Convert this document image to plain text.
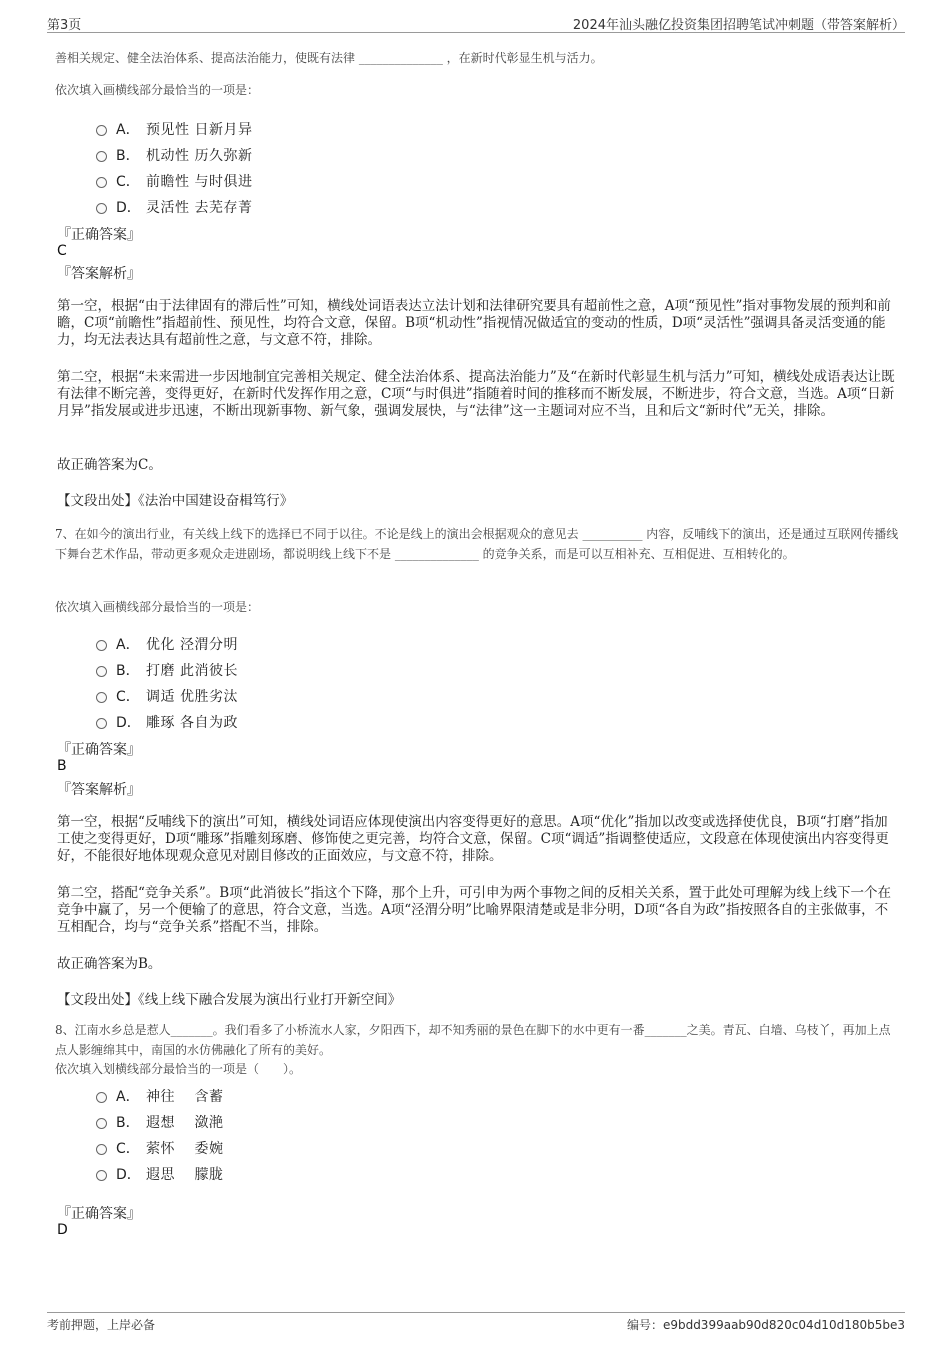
第3页	2024年汕头融亿投资集团招聘笔试冲刺题（带答案解析）
善相关规定、健全法治体系、提高法治能力，使既有法律 ______________ ，在新时代彰显生机与活力。
依次填入画横线部分最恰当的一项是：
A． 预见性 日新月异
B． 机动性 历久弥新
C． 前瞻性 与时俱进
D． 灵活性 去芜存菁
『正确答案』
C
『答案解析』
第一空，根据“由于法律固有的滞后性”可知，横线处词语表达立法计划和法律研究要具有超前性之意，A项“预见性”指对事物发展的预判和前瞻，C项“前瞻性”指超前性、预见性，均符合文意，保留。B项“机动性”指视情况做适宜的变动的性质，D项“灵活性”强调具备灵活变通的能力，均无法表达具有超前性之意，与文意不符，排除。
第二空，根据“未来需进一步因地制宜完善相关规定、健全法治体系、提高法治能力”及“在新时代彰显生机与活力”可知，横线处成语表达让既有法律不断完善，变得更好，在新时代发挥作用之意，C项“与时俱进”指随着时间的推移而不断发展，不断进步，符合文意，当选。A项“日新月异”指发展或进步迅速，不断出现新事物、新气象，强调发展快，与“法律”这一主题词对应不当，且和后文“新时代”无关，排除。
故正确答案为C。
【文段出处】《法治中国建设奋楫笃行》
7、在如今的演出行业，有关线上线下的选择已不同于以往。不论是线上的演出会根据观众的意见去 __________ 内容，反哺线下的演出，还是通过互联网传播线下舞台艺术作品，带动更多观众走进剧场，都说明线上线下不是 ______________ 的竞争关系，而是可以互相补充、互相促进、互相转化的。
依次填入画横线部分最恰当的一项是：
A． 优化 泾渭分明
B． 打磨 此消彼长
C． 调适 优胜劣汰
D． 雕琢 各自为政
『正确答案』
B
『答案解析』
第一空，根据“反哺线下的演出”可知，横线处词语应体现使演出内容变得更好的意思。A项“优化”指加以改变或选择使优良，B项“打磨”指加工使之变得更好，D项“雕琢”指雕刻琢磨、修饰使之更完善，均符合文意，保留。C项“调适”指调整使适应，文段意在体现使演出内容变得更好，不能很好地体现观众意见对剧目修改的正面效应，与文意不符，排除。
第二空，搭配“竞争关系”。B项“此消彼长”指这个下降，那个上升，可引申为两个事物之间的反相关关系，置于此处可理解为线上线下一个在竞争中赢了，另一个便输了的意思，符合文意，当选。A项“泾渭分明”比喻界限清楚或是非分明，D项“各自为政”指按照各自的主张做事，不互相配合，均与“竞争关系”搭配不当，排除。
故正确答案为B。
【文段出处】《线上线下融合发展为演出行业打开新空间》
8、江南水乡总是惹人_______。我们看多了小桥流水人家，夕阳西下，却不知秀丽的景色在脚下的水中更有一番_______之美。青瓦、白墙、乌枝丫，再加上点点人影缠绵其中，南国的水仿佛融化了所有的美好。
依次填入划横线部分最恰当的一项是（　　）。
A． 神往　 含蓄
B． 遐想　 潋滟
C． 萦怀　 委婉
D． 遐思　 朦胧
『正确答案』
D
考前押题，上岸必备	编号：e9bdd399aab90d820c04d10d180b5be3
